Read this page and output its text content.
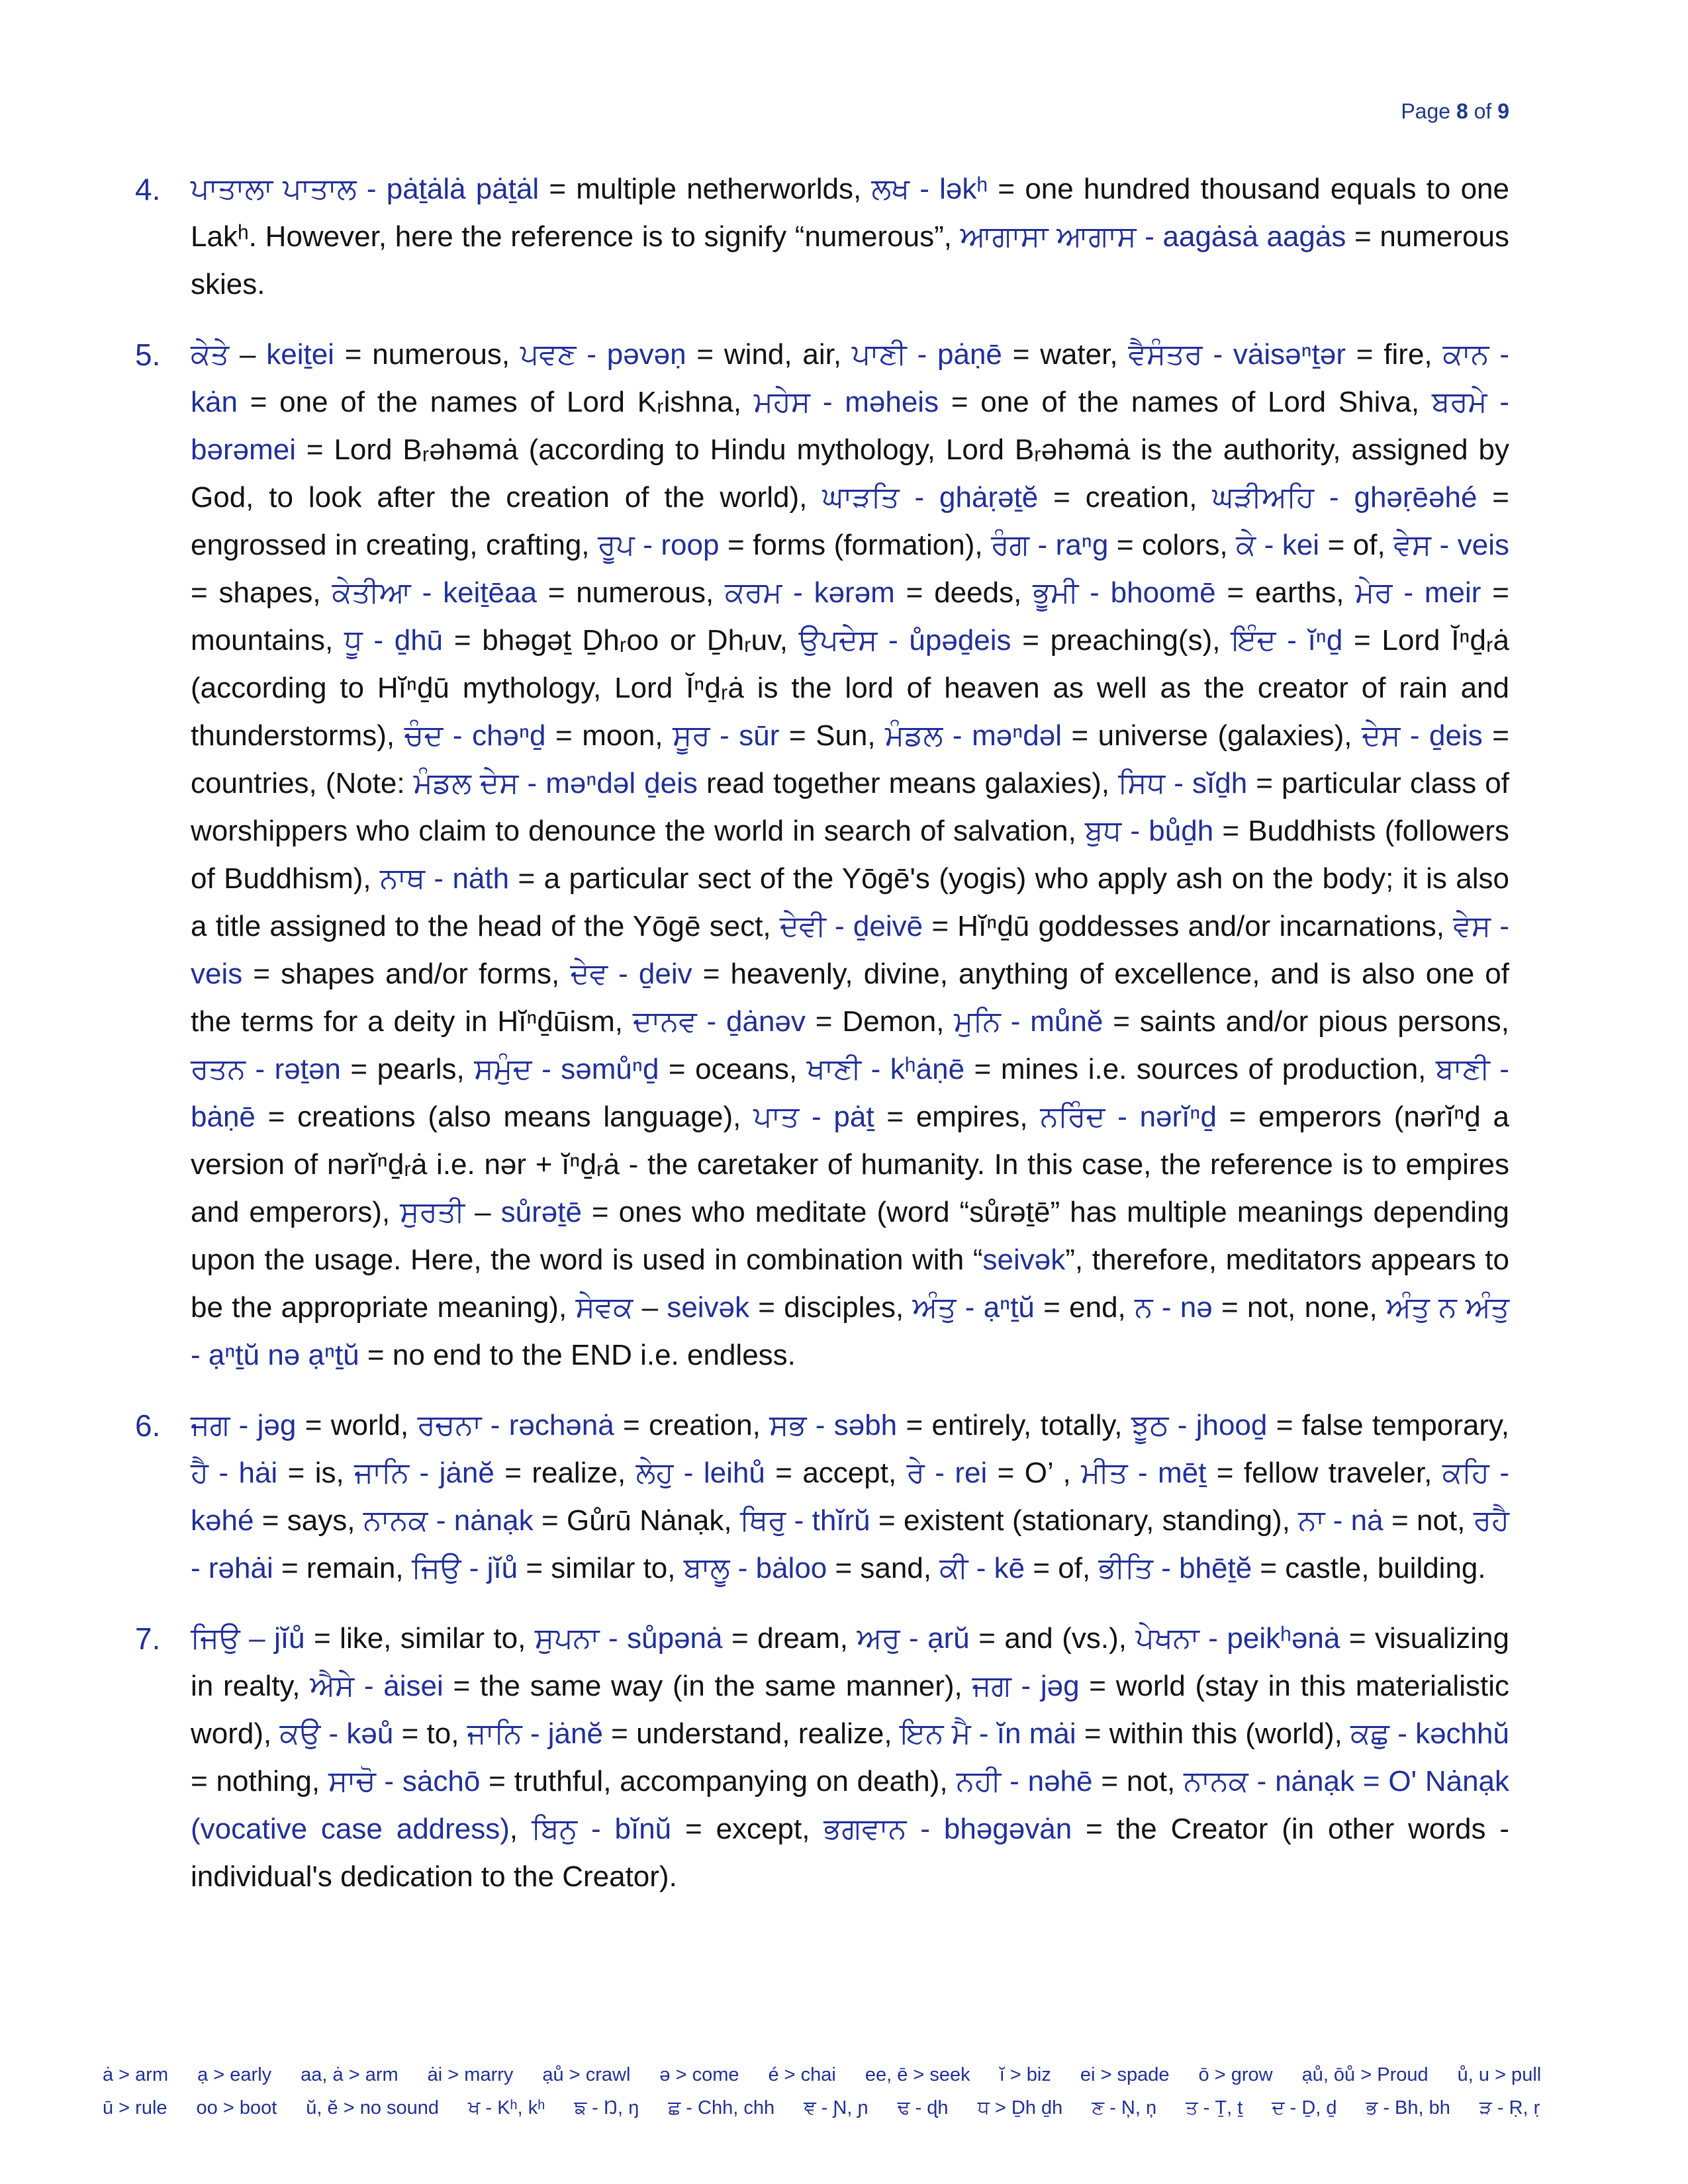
Page 8 of 9
4.	ਪਾਤਾਲਾ ਪਾਤਾਲ - pȧṯȧlȧ pȧṯȧl = multiple netherworlds, ਲਖ - ləkʰ = one hundred thousand equals to one Lakʰ. However, here the reference is to signify “numerous”, ਆਗਾਸਾ ਆਗਾਸ - aagȧsȧ aagȧs = numerous skies.
5.	ਕੇਤੇ – keiṯei = numerous, ਪਵਣ - pəvəṇ = wind, air, ਪਾਣੀ - pȧṇē = water, ਵੈਸੰਤਰ - vȧisəⁿṯər = fire, ਕਾਨ - kȧn = one of the names of Lord Kᵣishna, ਮਹੇਸ - məheis = one of the names of Lord Shiva, ਬਰਮੇ - bərəmei = Lord Bᵣəhəmȧ (according to Hindu mythology, Lord Bᵣəhəmȧ is the authority, assigned by God, to look after the creation of the world), ਘਾੜਤਿ - ghȧṛəṯĕ = creation, ਘੜੀਅਹਿ - ghəṛēəhé = engrossed in creating, crafting, ਰੂਪ - roop = forms (formation), ਰੰਗ - raⁿg = colors, ਕੇ - kei = of, ਵੇਸ - veis = shapes, ਕੇਤੀਆ - keiṯēaa = numerous, ਕਰਮ - kərəm = deeds, ਭੂਮੀ - bhoomē = earths, ਮੇਰ - meir = mountains, ਧੂ - ḏhū = bhəgəṯ Ḏhᵣoo or Ḏhᵣuv, ਉਪਦੇਸ - ůpəḏeis = preaching(s), ਇੰਦ - ĭⁿḏ = Lord Ĭⁿḏᵣȧ (according to Hĭⁿḏū mythology, Lord Ĭⁿḏᵣȧ is the lord of heaven as well as the creator of rain and thunderstorms), ਚੰਦ - chəⁿḏ = moon, ਸੂਰ - sūr = Sun, ਮੰਡਲ - məⁿdəl = universe (galaxies), ਦੇਸ - ḏeis = countries, (Note: ਮੰਡਲ ਦੇਸ - məⁿdəl ḏeis read together means galaxies), ਸਿਧ - sĭḏh = particular class of worshippers who claim to denounce the world in search of salvation, ਬੁਧ - bůḏh = Buddhists (followers of Buddhism), ਨਾਥ - nȧth = a particular sect of the Yōgē's (yogis) who apply ash on the body; it is also a title assigned to the head of the Yōgē sect, ਦੇਵੀ - ḏeivē = Hĭⁿḏū goddesses and/or incarnations, ਵੇਸ - veis = shapes and/or forms, ਦੇਵ - ḏeiv = heavenly, divine, anything of excellence, and is also one of the terms for a deity in Hĭⁿḏūism, ਦਾਨਵ - ḏȧnəv = Demon, ਮੁਨਿ - můnĕ = saints and/or pious persons, ਰਤਨ - rəṯən = pearls, ਸਮੁੰਦ - səmůⁿḏ = oceans, ਖਾਣੀ - kʰȧṇē = mines i.e. sources of production, ਬਾਣੀ - bȧṇē = creations (also means language), ਪਾਤ - pȧṯ = empires, ਨਰਿੰਦ - nərĭⁿḏ = emperors (nərĭⁿḏ a version of nərĭⁿḏᵣȧ i.e. nər + ĭⁿḏᵣȧ - the caretaker of humanity. In this case, the reference is to empires and emperors), ਸੁਰਤੀ – sůrəṯē = ones who meditate (word “sůrəṯē” has multiple meanings depending upon the usage. Here, the word is used in combination with “seivək”, therefore, meditators appears to be the appropriate meaning), ਸੇਵਕ – seivək = disciples, ਅੰਤੁ - ạⁿṯŭ = end, ਨ - nə = not, none, ਅੰਤੁ ਨ ਅੰਤੁ - ạⁿṯŭ nə ạⁿṯŭ = no end to the END i.e. endless.
6.	ਜਗ - jəg = world, ਰਚਨਾ - rəchənȧ = creation, ਸਭ - səbh = entirely, totally, ਝੂਠ - jhooḏ = false temporary, ਹੈ - hȧi = is, ਜਾਨਿ - jȧnĕ = realize, ਲੇਹੁ - leihů = accept, ਰੇ - rei = O’ , ਮੀਤ - mēṯ = fellow traveler, ਕਹਿ - kəhé = says, ਨਾਨਕ - nȧnạk = Gůrū Nȧnạk, ਥਿਰੁ - thĭrŭ = existent (stationary, standing), ਨਾ - nȧ = not, ਰਹੈ - rəhȧi = remain, ਜਿਉ - jĭů = similar to, ਬਾਲੂ - bȧloo = sand, ਕੀ - kē = of, ਭੀਤਿ - bhēṯĕ = castle, building.
7.	ਜਿਉ – jĭů = like, similar to, ਸੁਪਨਾ - sůpənȧ = dream, ਅਰੁ - ạrŭ = and (vs.), ਪੇਖਨਾ - peikʰənȧ = visualizing in realty, ਐਸੇ - ȧisei = the same way (in the same manner), ਜਗ - jəg = world (stay in this materialistic word), ਕਉ - kəů = to, ਜਾਨਿ - jȧnĕ = understand, realize, ਇਨ ਮੈ - ĭn mȧi = within this (world), ਕਛੁ - kəchhŭ = nothing, ਸਾਚੋ - sȧchō = truthful, accompanying on death), ਨਹੀ - nəhē = not, ਨਾਨਕ - nȧnạk = O' Nȧnạk (vocative case address), ਬਿਨੁ - bĭnŭ = except, ਭਗਵਾਨ - bhəgəvȧn = the Creator (in other words - individual's dedication to the Creator).
ȧ > arm ạ > early aa, ȧ > arm ȧi > marry ạů > crawl ə > come é > chai ee, ē > seek ĭ > biz ei > spade ō > grow ạů, ōů > Proud ů, u > pull
ū > rule oo > boot ŭ, ĕ > no sound ਖ - Kʰ, kʰ ਙ - Ŋ, ŋ ਛ - Chh, chh ਞ - Ɲ, ɲ ਢ - ɖh ਧ > Ḏh ḏh ਣ - Ņ, ņ ਤ - Ṯ, ṯ ਦ - Ḏ, ḏ ਭ - Bh, bh ੜ - Ṛ, ṛ
